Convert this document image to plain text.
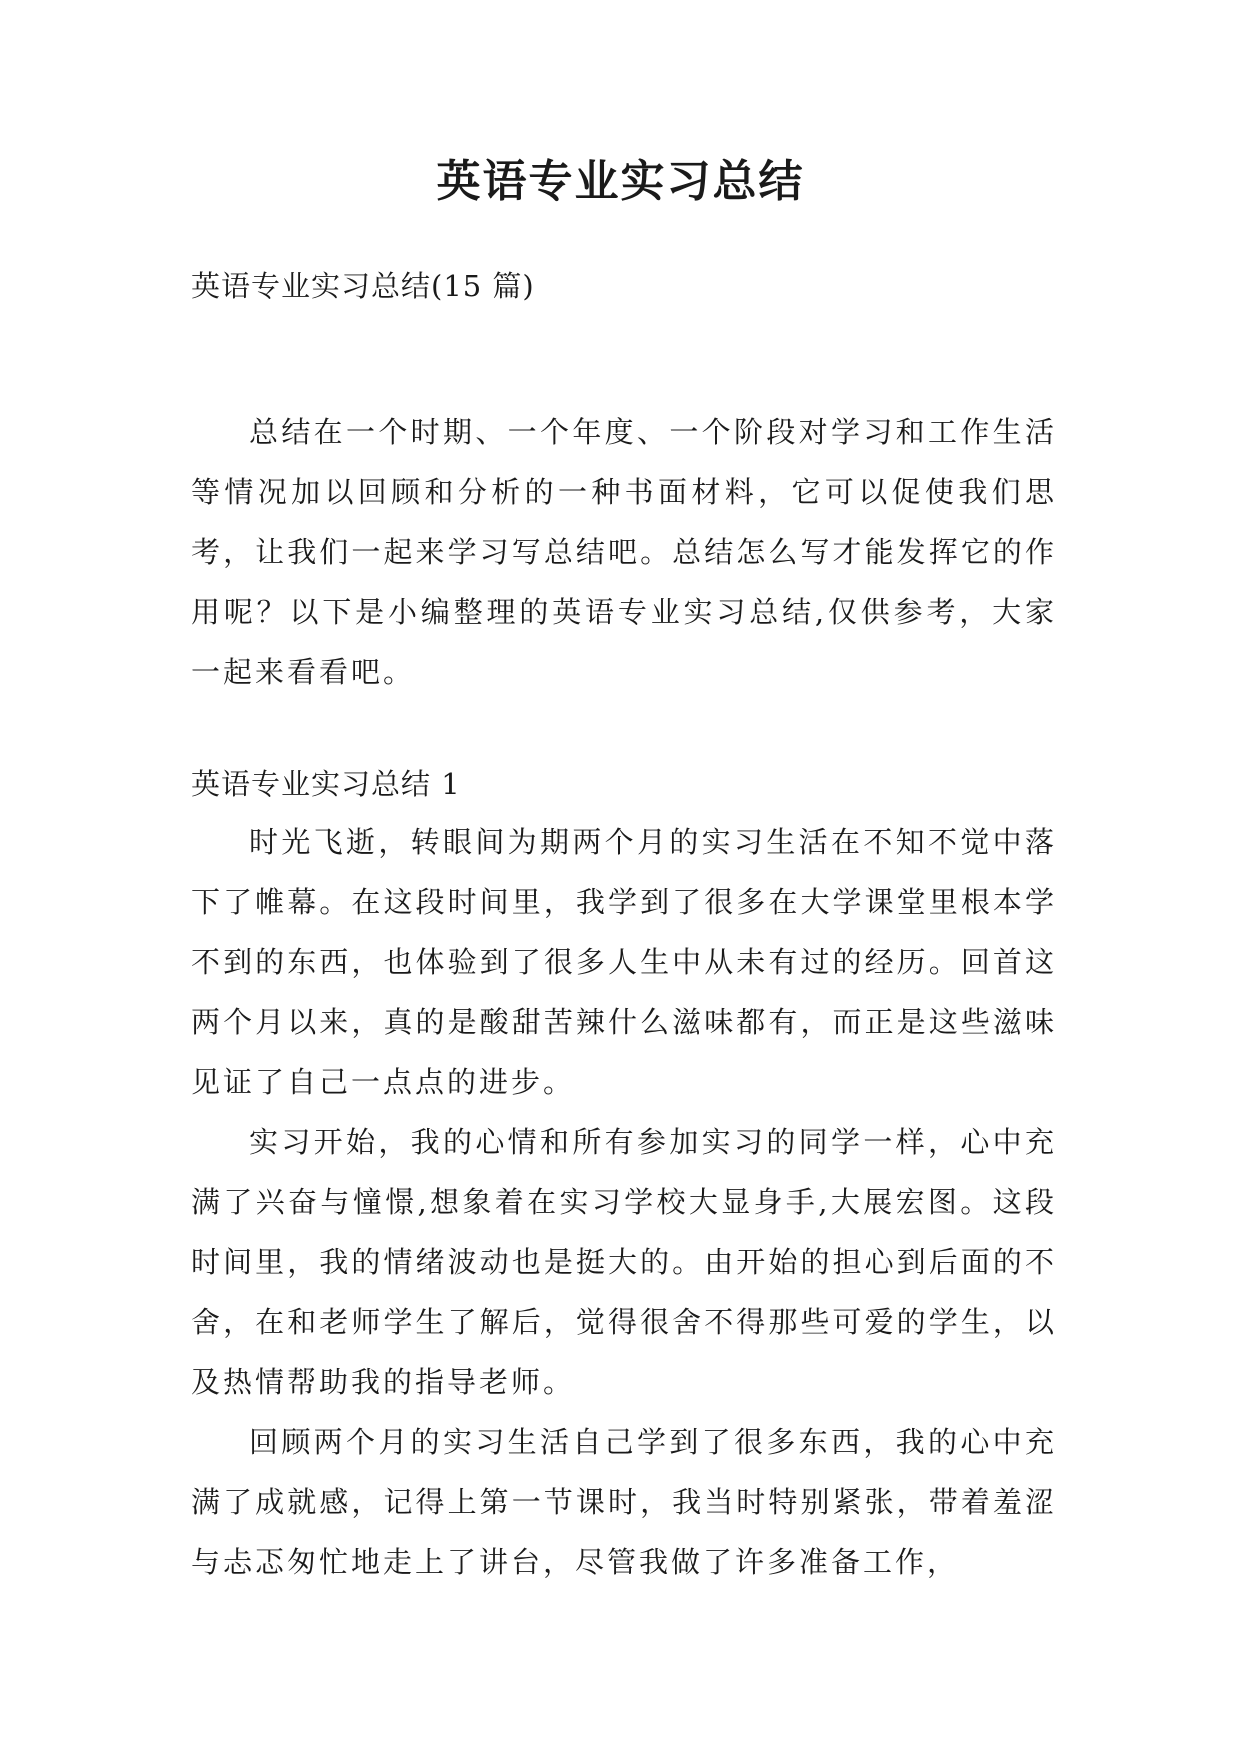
英语专业实习总结
英语专业实习总结(15 篇)

总结在一个时期、一个年度、一个阶段对学习和工作生活等情况加以回顾和分析的一种书面材料，它可以促使我们思考，让我们一起来学习写总结吧。总结怎么写才能发挥它的作用呢？以下是小编整理的英语专业实习总结,仅供参考，大家一起来看看吧。

英语专业实习总结 1

时光飞逝，转眼间为期两个月的实习生活在不知不觉中落下了帷幕。在这段时间里，我学到了很多在大学课堂里根本学不到的东西，也体验到了很多人生中从未有过的经历。回首这两个月以来，真的是酸甜苦辣什么滋味都有，而正是这些滋味见证了自己一点点的进步。

实习开始，我的心情和所有参加实习的同学一样，心中充满了兴奋与憧憬,想象着在实习学校大显身手,大展宏图。这段时间里，我的情绪波动也是挺大的。由开始的担心到后面的不舍，在和老师学生了解后，觉得很舍不得那些可爱的学生，以及热情帮助我的指导老师。

回顾两个月的实习生活自己学到了很多东西，我的心中充满了成就感，记得上第一节课时，我当时特别紧张，带着羞涩与忐忑匆忙地走上了讲台，尽管我做了许多准备工作，
